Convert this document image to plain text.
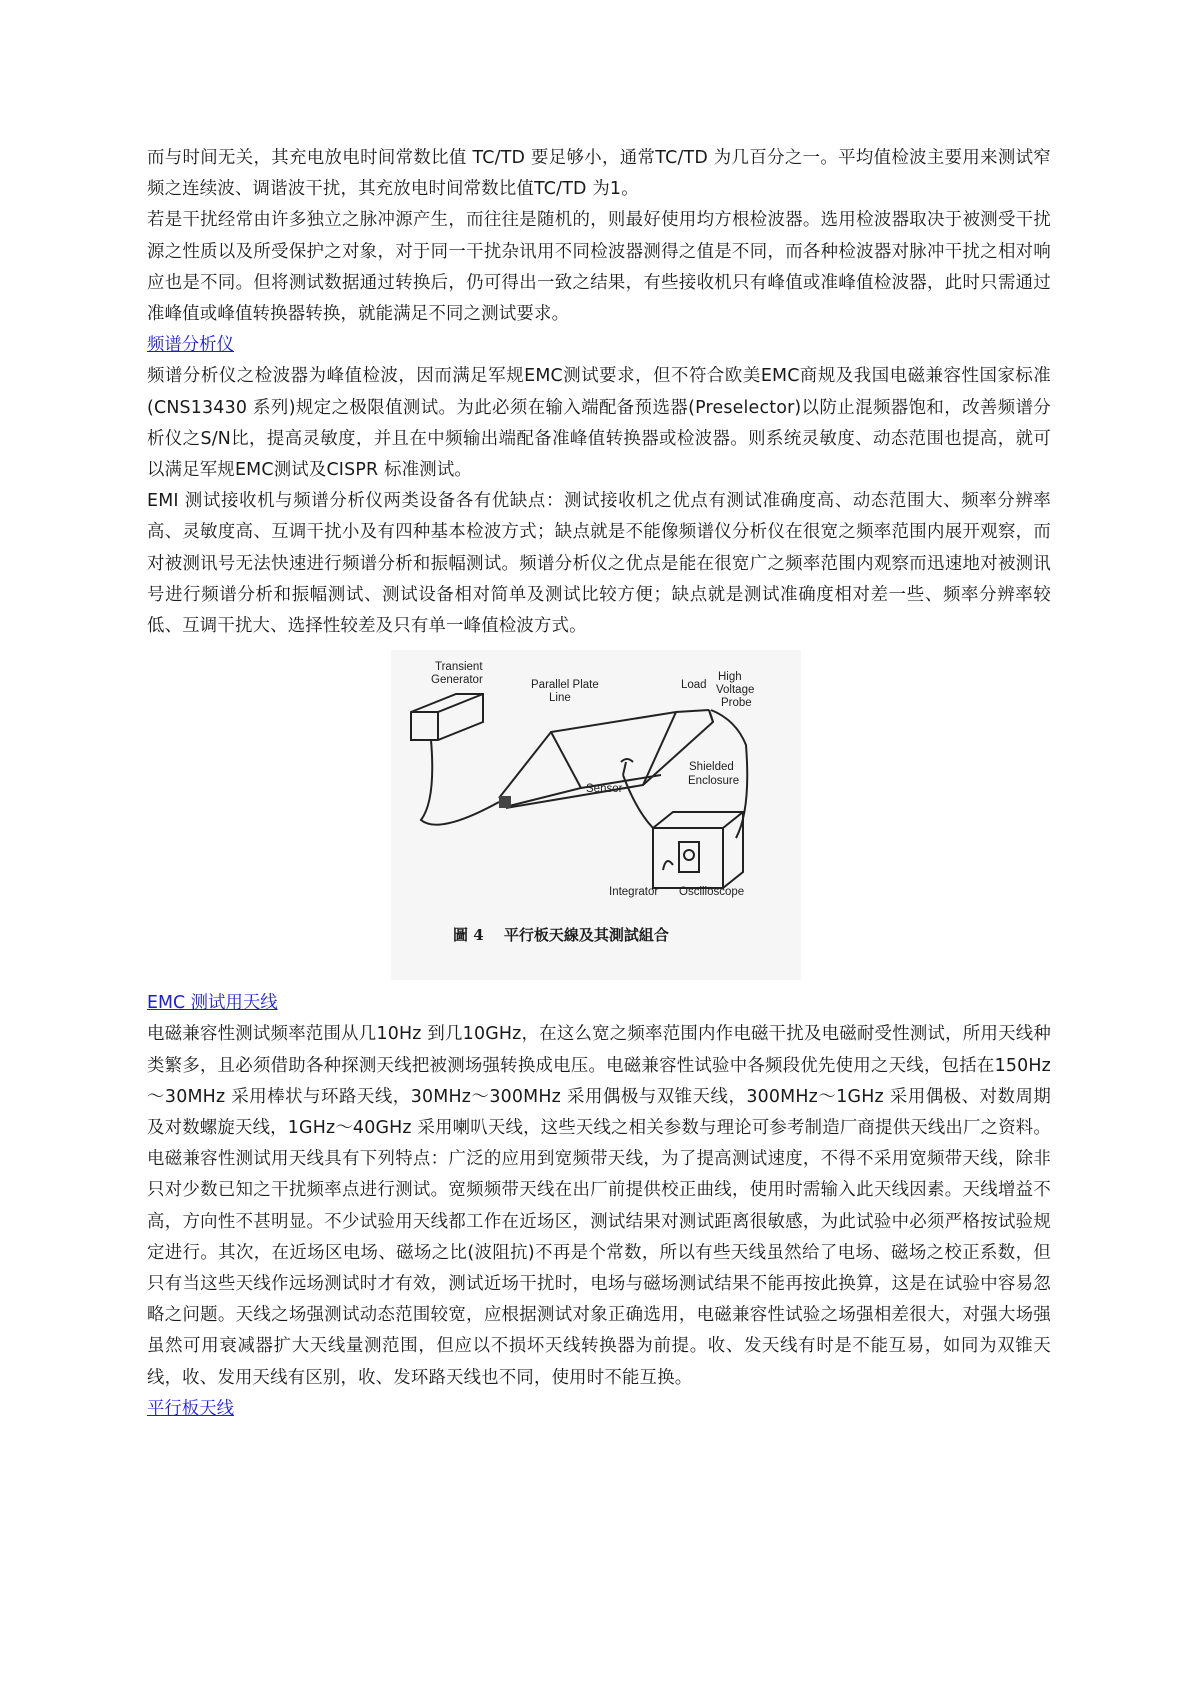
而与时间无关，其充电放电时间常数比值 TC/TD 要足够小，通常TC/TD 为几百分之一。平均值检波主要用来测试窄频之连续波、调谐波干扰，其充放电时间常数比值TC/TD 为1。

若是干扰经常由许多独立之脉冲源产生，而往往是随机的，则最好使用均方根检波器。选用检波器取决于被测受干扰源之性质以及所受保护之对象，对于同一干扰杂讯用不同检波器测得之值是不同，而各种检波器对脉冲干扰之相对响应也是不同。但将测试数据通过转换后，仍可得出一致之结果，有些接收机只有峰值或准峰值检波器，此时只需通过准峰值或峰值转换器转换，就能满足不同之测试要求。

频谱分析仪

频谱分析仪之检波器为峰值检波，因而满足军规EMC测试要求，但不符合欧美EMC商规及我国电磁兼容性国家标准(CNS13430 系列)规定之极限值测试。为此必须在输入端配备预选器(Preselector)以防止混频器饱和，改善频谱分析仪之S/N比，提高灵敏度，并且在中频输出端配备准峰值转换器或检波器。则系统灵敏度、动态范围也提高，就可以满足军规EMC测试及CISPR 标准测试。

EMI 测试接收机与频谱分析仪两类设备各有优缺点：测试接收机之优点有测试准确度高、动态范围大、频率分辨率高、灵敏度高、互调干扰小及有四种基本检波方式；缺点就是不能像频谱仪分析仪在很宽之频率范围内展开观察，而对被测讯号无法快速进行频谱分析和振幅测试。频谱分析仪之优点是能在很宽广之频率范围内观察而迅速地对被测讯号进行频谱分析和振幅测试、测试设备相对简单及测试比较方便；缺点就是测试准确度相对差一些、频率分辨率较低、互调干扰大、选择性较差及只有单一峰值检波方式。

Transient
Generator	Parallel Plate
Line
Load
High
Voltage
Probe
Shielded
Enclosure
Sensor
Integrator Oscilloscope
圖 4　 平行板天線及其測試組合
EMC 测试用天线

电磁兼容性测试频率范围从几10Hz 到几10GHz，在这么宽之频率范围内作电磁干扰及电磁耐受性测试，所用天线种类繁多，且必须借助各种探测天线把被测场强转换成电压。电磁兼容性试验中各频段优先使用之天线，包括在150Hz～30MHz 采用棒状与环路天线，30MHz～300MHz 采用偶极与双锥天线，300MHz～1GHz 采用偶极、对数周期及对数螺旋天线，1GHz～40GHz 采用喇叭天线，这些天线之相关参数与理论可参考制造厂商提供天线出厂之资料。电磁兼容性测试用天线具有下列特点：广泛的应用到宽频带天线，为了提高测试速度，不得不采用宽频带天线，除非只对少数已知之干扰频率点进行测试。宽频频带天线在出厂前提供校正曲线，使用时需输入此天线因素。天线增益不高，方向性不甚明显。不少试验用天线都工作在近场区，测试结果对测试距离很敏感，为此试验中必须严格按试验规定进行。其次，在近场区电场、磁场之比(波阻抗)不再是个常数，所以有些天线虽然给了电场、磁场之校正系数，但只有当这些天线作远场测试时才有效，测试近场干扰时，电场与磁场测试结果不能再按此换算，这是在试验中容易忽略之问题。天线之场强测试动态范围较宽，应根据测试对象正确选用，电磁兼容性试验之场强相差很大，对强大场强虽然可用衰减器扩大天线量测范围，但应以不损坏天线转换器为前提。收、发天线有时是不能互易，如同为双锥天线，收、发用天线有区别，收、发环路天线也不同，使用时不能互换。

平行板天线
